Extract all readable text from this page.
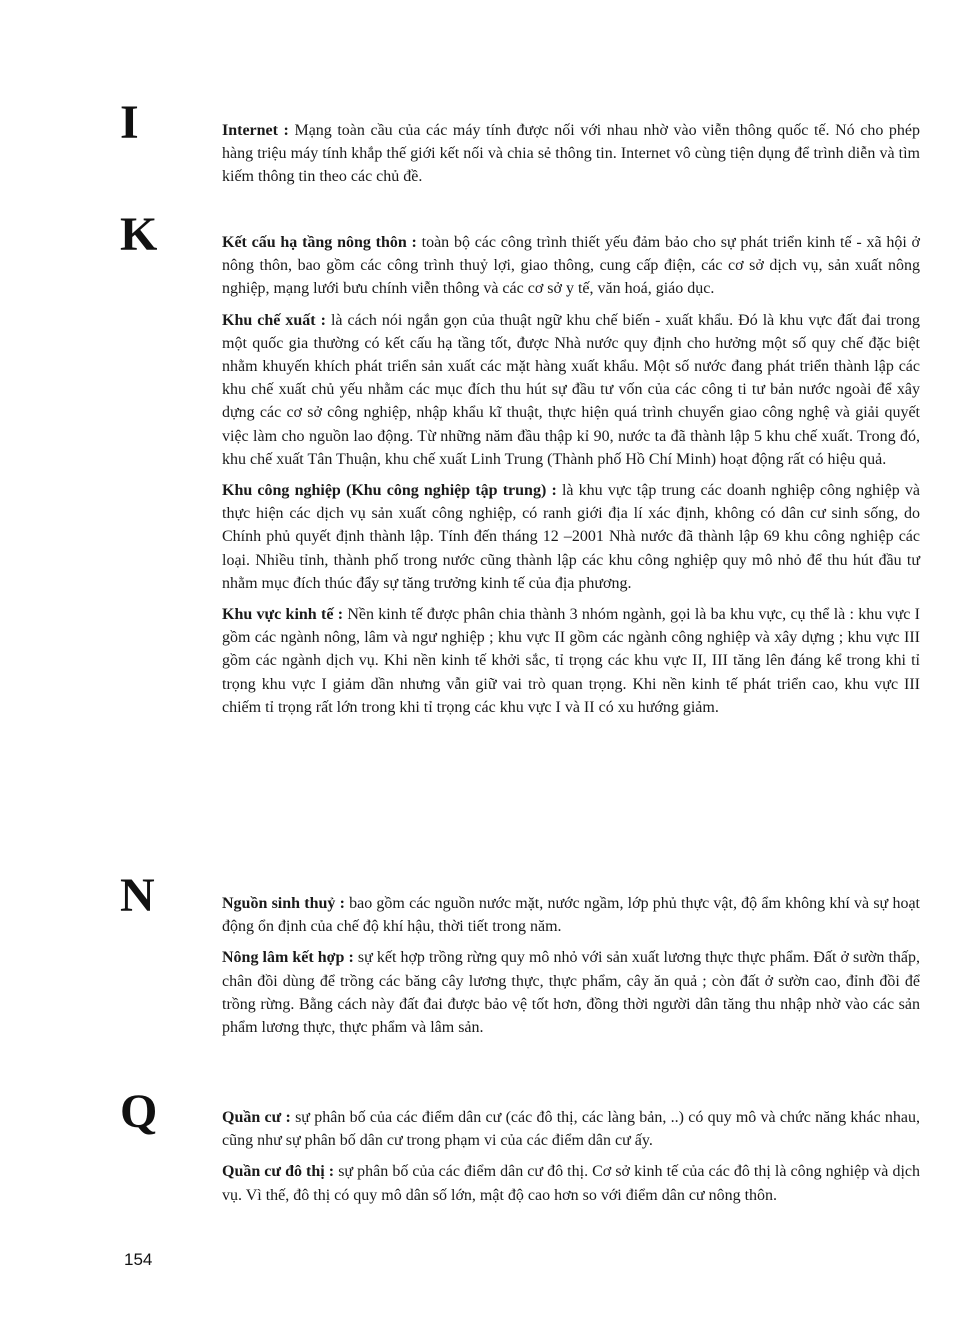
I	Internet : Mạng toàn cầu của các máy tính được nối với nhau nhờ vào viễn thông quốc tế. Nó cho phép hàng triệu máy tính khắp thế giới kết nối và chia sẻ thông tin. Internet vô cùng tiện dụng để trình diễn và tìm kiếm thông tin theo các chủ đề.

K	Kết cấu hạ tầng nông thôn : toàn bộ các công trình thiết yếu đảm bảo cho sự phát triển kinh tế - xã hội ở nông thôn, bao gồm các công trình thuỷ lợi, giao thông, cung cấp điện, các cơ sở dịch vụ, sản xuất nông nghiệp, mạng lưới bưu chính viễn thông và các cơ sở y tế, văn hoá, giáo dục.

Khu chế xuất : là cách nói ngắn gọn của thuật ngữ khu chế biến - xuất khẩu. Đó là khu vực đất đai trong một quốc gia thường có kết cấu hạ tầng tốt, được Nhà nước quy định cho hưởng một số quy chế đặc biệt nhằm khuyến khích phát triển sản xuất các mặt hàng xuất khẩu. Một số nước đang phát triển thành lập các khu chế xuất chủ yếu nhằm các mục đích thu hút sự đầu tư vốn của các công ti tư bản nước ngoài để xây dựng các cơ sở công nghiệp, nhập khẩu kĩ thuật, thực hiện quá trình chuyển giao công nghệ và giải quyết việc làm cho nguồn lao động. Từ những năm đầu thập kỉ 90, nước ta đã thành lập 5 khu chế xuất. Trong đó, khu chế xuất Tân Thuận, khu chế xuất Linh Trung (Thành phố Hồ Chí Minh) hoạt động rất có hiệu quả.

Khu công nghiệp (Khu công nghiệp tập trung) : là khu vực tập trung các doanh nghiệp công nghiệp và thực hiện các dịch vụ sản xuất công nghiệp, có ranh giới địa lí xác định, không có dân cư sinh sống, do Chính phủ quyết định thành lập. Tính đến tháng 12 –2001 Nhà nước đã thành lập 69 khu công nghiệp các loại. Nhiều tỉnh, thành phố trong nước cũng thành lập các khu công nghiệp quy mô nhỏ để thu hút đầu tư nhằm mục đích thúc đẩy sự tăng trưởng kinh tế của địa phương.

Khu vực kinh tế : Nền kinh tế được phân chia thành 3 nhóm ngành, gọi là ba khu vực, cụ thể là : khu vực I gồm các ngành nông, lâm và ngư nghiệp ; khu vực II gồm các ngành công nghiệp và xây dựng ; khu vực III gồm các ngành dịch vụ. Khi nền kinh tế khởi sắc, tỉ trọng các khu vực II, III tăng lên đáng kể trong khi tỉ trọng khu vực I giảm dần nhưng vẫn giữ vai trò quan trọng. Khi nền kinh tế phát triển cao, khu vực III chiếm tỉ trọng rất lớn trong khi tỉ trọng các khu vực I và II có xu hướng giảm.

N	Nguồn sinh thuỷ : bao gồm các nguồn nước mặt, nước ngầm, lớp phủ thực vật, độ ẩm không khí và sự hoạt động ổn định của chế độ khí hậu, thời tiết trong năm.

Nông lâm kết hợp : sự kết hợp trồng rừng quy mô nhỏ với sản xuất lương thực thực phẩm. Đất ở sườn thấp, chân đồi dùng để trồng các băng cây lương thực, thực phẩm, cây ăn quả ; còn đất ở sườn cao, đỉnh đồi để trồng rừng. Bằng cách này đất đai được bảo vệ tốt hơn, đồng thời người dân tăng thu nhập nhờ vào các sản phẩm lương thực, thực phẩm và lâm sản.

Q	Quần cư : sự phân bố của các điểm dân cư (các đô thị, các làng bản, ..) có quy mô và chức năng khác nhau, cũng như sự phân bố dân cư trong phạm vi của các điểm dân cư ấy.

Quần cư đô thị : sự phân bố của các điểm dân cư đô thị. Cơ sở kinh tế của các đô thị là công nghiệp và dịch vụ. Vì thế, đô thị có quy mô dân số lớn, mật độ cao hơn so với điểm dân cư nông thôn.

154
